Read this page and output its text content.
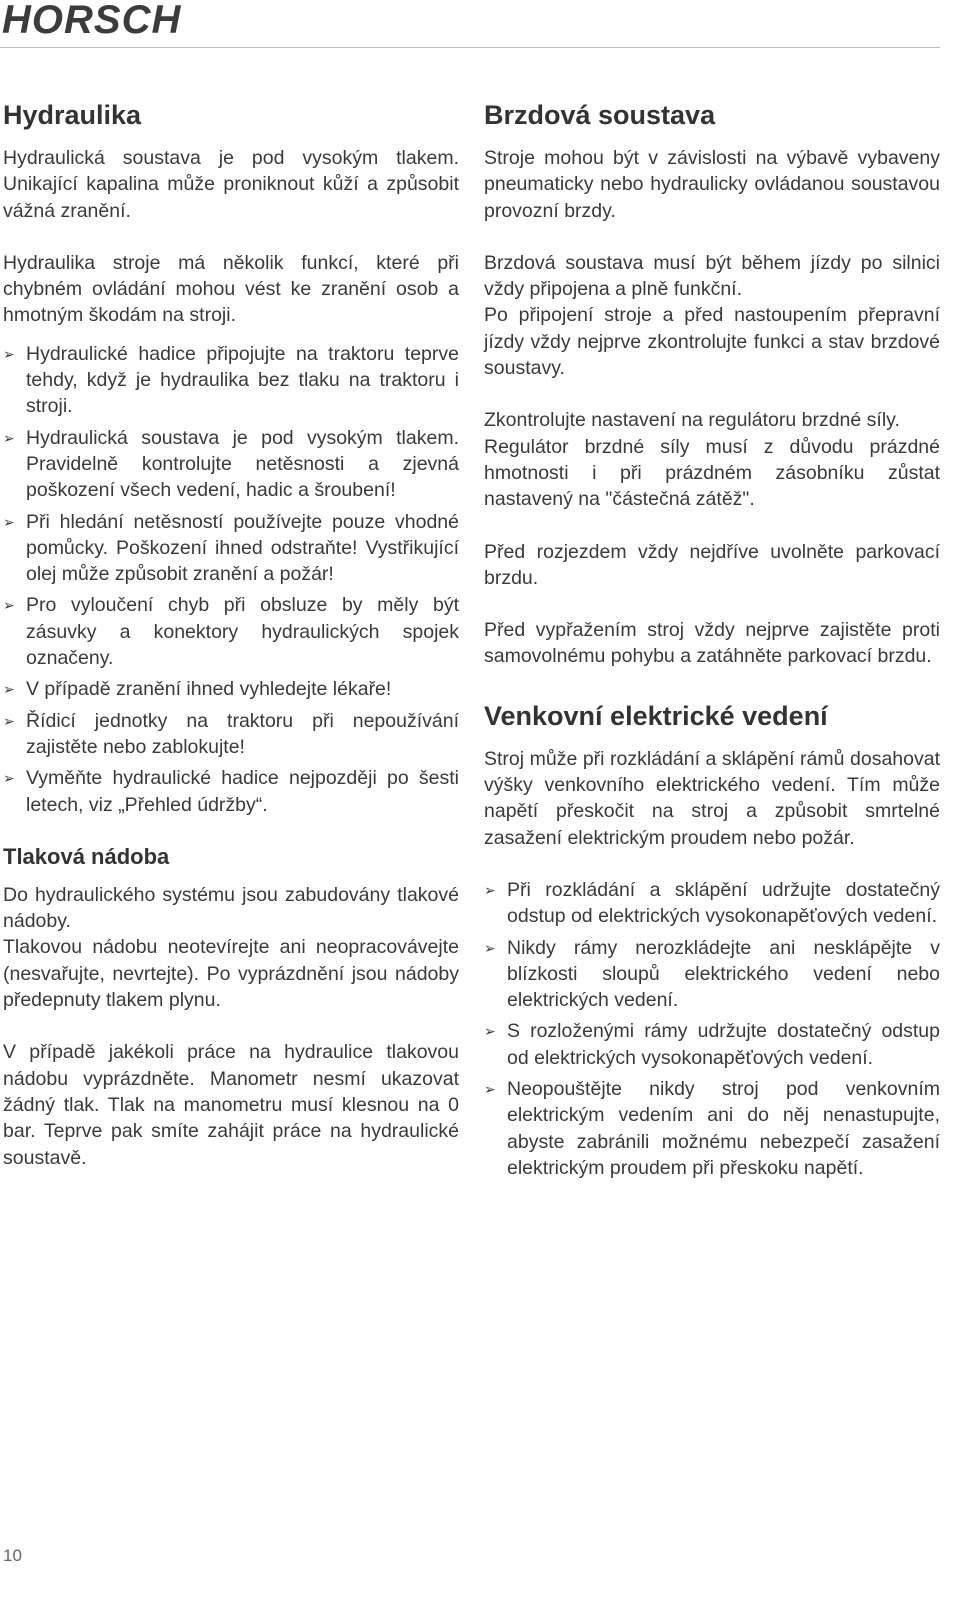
HORSCH
Hydraulika

Hydraulická soustava je pod vysokým tlakem. Unikající kapalina může proniknout kůží a způsobit vážná zranění.

Hydraulika stroje má několik funkcí, které při chybném ovládání mohou vést ke zranění osob a hmotným škodám na stroji.

➢ Hydraulické hadice připojujte na traktoru teprve tehdy, když je hydraulika bez tlaku na traktoru i stroji.
➢ Hydraulická soustava je pod vysokým tlakem. Pravidelně kontrolujte netěsnosti a zjevná poškození všech vedení, hadic a šroubení!
➢ Při hledání netěsností používejte pouze vhodné pomůcky. Poškození ihned odstraňte! Vystřikující olej může způsobit zranění a požár!
➢ Pro vyloučení chyb při obsluze by měly být zásuvky a konektory hydraulických spojek označeny.
➢ V případě zranění ihned vyhledejte lékaře!
➢ Řídicí jednotky na traktoru při nepoužívání zajistěte nebo zablokujte!
➢ Vyměňte hydraulické hadice nejpozději po šesti letech, viz „Přehled údržby“.
Tlaková nádoba

Do hydraulického systému jsou zabudovány tlakové nádoby.

Tlakovou nádobu neotevírejte ani neopracovávejte (nesvařujte, nevrtejte). Po vyprázdnění jsou nádoby předepnuty tlakem plynu.

V případě jakékoli práce na hydraulice tlakovou nádobu vyprázdněte. Manometr nesmí ukazovat žádný tlak. Tlak na manometru musí klesnou na 0 bar. Teprve pak smíte zahájit práce na hydraulické soustavě.

Brzdová soustava

Stroje mohou být v závislosti na výbavě vybaveny pneumaticky nebo hydraulicky ovládanou soustavou provozní brzdy.

Brzdová soustava musí být během jízdy po silnici vždy připojena a plně funkční.

Po připojení stroje a před nastoupením přepravní jízdy vždy nejprve zkontrolujte funkci a stav brzdové soustavy.

Zkontrolujte nastavení na regulátoru brzdné síly.

Regulátor brzdné síly musí z důvodu prázdné hmotnosti i při prázdném zásobníku zůstat nastavený na "částečná zátěž".

Před rozjezdem vždy nejdříve uvolněte parkovací brzdu.

Před vypřažením stroj vždy nejprve zajistěte proti samovolnému pohybu a zatáhněte parkovací brzdu.

Venkovní elektrické vedení

Stroj může při rozkládání a sklápění rámů dosahovat výšky venkovního elektrického vedení. Tím může napětí přeskočit na stroj a způsobit smrtelné zasažení elektrickým proudem nebo požár.

➢ Při rozkládání a sklápění udržujte dostatečný odstup od elektrických vysokonapěťových vedení.
➢ Nikdy rámy nerozkládejte ani nesklápějte v blízkosti sloupů elektrického vedení nebo elektrických vedení.
➢ S rozloženými rámy udržujte dostatečný odstup od elektrických vysokonapěťových vedení.
➢ Neopouštějte nikdy stroj pod venkovním elektrickým vedením ani do něj nenastupujte, abyste zabránili možnému nebezpečí zasažení elektrickým proudem při přeskoku napětí.
10
